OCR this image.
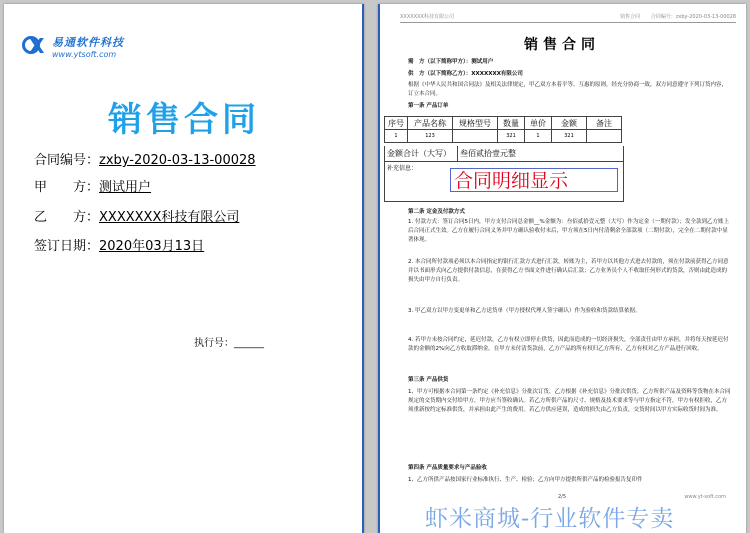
X 易通软件科技
www.ytsoft.com
销售合同
合同编号：zxby-2020-03-13-00028
甲　　方：测试用户
乙　　方：XXXXXXX科技有限公司
签订日期：2020年03月13日
执行号：______
XXXXXXX科技有限公司	销售合同 合同编号：zxby-2020-03-13-00028
销售合同
需　方（以下简称甲方）：测试用户
供　方（以下简称乙方）：XXXXXXX有限公司
根据《中华人民共和国合同法》及相关法律规定，甲乙双方本着平等、互惠的原则，经充分协商一致，双方同意遵守下列订货内容，订立本合同。
第一条 产品订单
序号	产品名称	规格型号	数量	单价	金额	备注
1	123		321	1	321	
金额合计（大写） 叁佰贰拾壹元整
补充信息：
合同明细显示
第二条 定金及付款方式
1. 付款方式：签订合同5日内，甲方支付合同总金额__%金额为：叁佰贰拾壹元整（大写）作为定金（一期付款）；发全款到乙方账上后合同正式生效。乙方在履行合同义务并甲方确认验收付末后，甲方须在5日内付清剩余全部款项（二期付款），完全在二期付款中显著体现。
2. 本合同所付款项必须以本合同指定的银行汇款方式进行汇款，转账为主，若甲方以其他方式进去付款的，须在付款前获得乙方同意并以书面形式向乙方提供付款信息，在获得乙方书面文件进行确认后汇款；乙方业务员个人不收取任何形式的货款，否则由此造成的损失由甲方自行负责。
3. 甲乙双方以甲方变更单和乙方送货单（甲方授权代理人签字确认）作为验收和货款结算依据。
4. 若甲方未按合同约定，延迟付款，乙方有权立即停止供货，因此而造成的一切经济损失，全部责任由甲方承担，并将每天按延迟付款的金额的2%向乙方收取滞纳金。在甲方未付清货款前，乙方产品的所有权归乙方所有，乙方有权对乙方产品进行回收。
第三条 产品供货
1、甲方可根据本合同第一条约定《补充信息》分批次订货，乙方根据《补充信息》分批次供货，乙方所供产品及资料等货物在本合同规定的交货期内交付给甲方，甲方应当签收确认。若乙方所供产品的尺寸、规格及技术要求等与甲方指定不符，甲方有权拒收，乙方须重新按约定标准供货，并承担由此产生的费用。若乙方供应延误，造成的损失由乙方负责，交货时间以甲方实际收货时间为准。
第四条 产品质量要求与产品验收
1、乙方所供产品按国家行业标准执行、生产、检验；乙方向甲方提供所供产品的检验报告复印件
2/5	www.yt-soft.com
虾米商城-行业软件专卖
